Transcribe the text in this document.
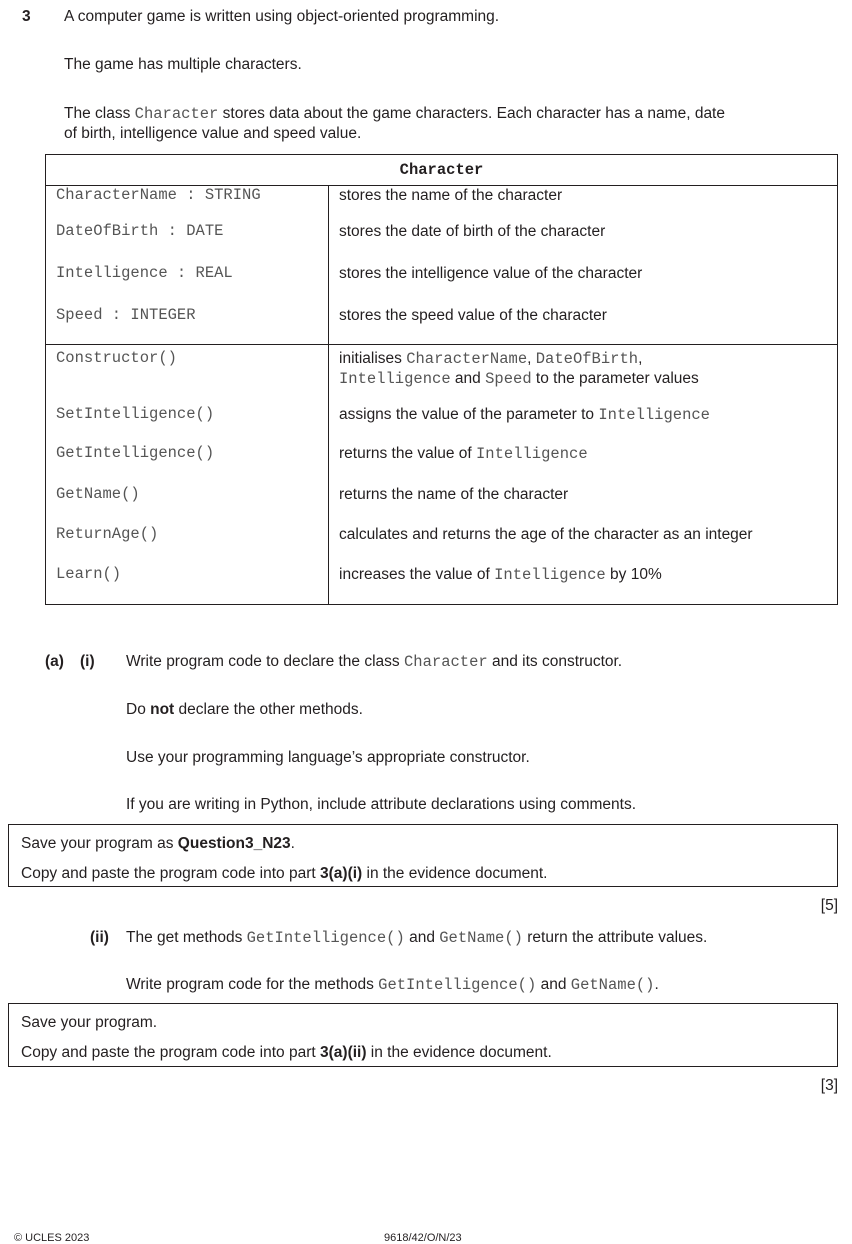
3 A computer game is written using object-oriented programming.
The game has multiple characters.
The class Character stores data about the game characters. Each character has a name, date
of birth, intelligence value and speed value.
Character	
CharacterName : STRING	stores the name of the character
DateOfBirth : DATE	stores the date of birth of the character
Intelligence : REAL	stores the intelligence value of the character
Speed : INTEGER	stores the speed value of the character
Constructor()	initialises CharacterName, DateOfBirth,
Intelligence and Speed to the parameter values
SetIntelligence()	assigns the value of the parameter to Intelligence
GetIntelligence()	returns the value of Intelligence
GetName()	returns the name of the character
ReturnAge()	calculates and returns the age of the character as an integer
Learn()	increases the value of Intelligence by 10%
(a) (i) Write program code to declare the class Character and its constructor.
Do not declare the other methods.
Use your programming language’s appropriate constructor.
If you are writing in Python, include attribute declarations using comments.
Save your program as Question3_N23.
Copy and paste the program code into part 3(a)(i) in the evidence document.
[5]
(ii) The get methods GetIntelligence() and GetName() return the attribute values.
Write program code for the methods GetIntelligence() and GetName().
Save your program.
Copy and paste the program code into part 3(a)(ii) in the evidence document.
[3]
© UCLES 2023	9618/42/O/N/23
